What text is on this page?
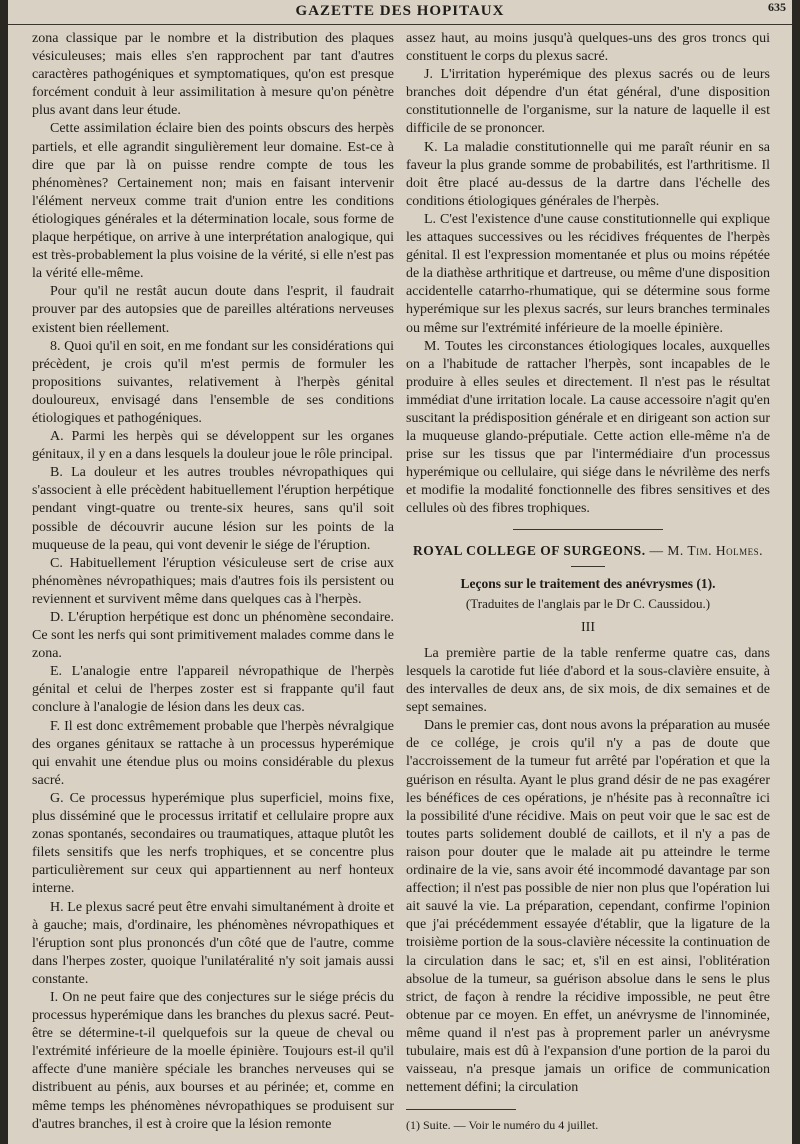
GAZETTE DES HOPITAUX	635

zona classique par le nombre et la distribution des plaques vésiculeuses; mais elles s'en rapprochent par tant d'autres caractères pathogéniques et symptomatiques, qu'on est presque forcément conduit à leur assimilitation à mesure qu'on pénètre plus avant dans leur étude.

Cette assimilation éclaire bien des points obscurs des herpès partiels, et elle agrandit singulièrement leur domaine. Est-ce à dire que par là on puisse rendre compte de tous les phénomènes? Certainement non; mais en faisant intervenir l'élément nerveux comme trait d'union entre les conditions étiologiques générales et la détermination locale, sous forme de plaque herpétique, on arrive à une interprétation analogique, qui est très-probablement la plus voisine de la vérité, si elle n'est pas la vérité elle-même.

Pour qu'il ne restât aucun doute dans l'esprit, il faudrait prouver par des autopsies que de pareilles altérations nerveuses existent bien réellement.

8. Quoi qu'il en soit, en me fondant sur les considérations qui précèdent, je crois qu'il m'est permis de formuler les propositions suivantes, relativement à l'herpès génital douloureux, envisagé dans l'ensemble de ses conditions étiologiques et pathogéniques.

A. Parmi les herpès qui se développent sur les organes génitaux, il y en a dans lesquels la douleur joue le rôle principal.

B. La douleur et les autres troubles névropathiques qui s'associent à elle précèdent habituellement l'éruption herpétique pendant vingt-quatre ou trente-six heures, sans qu'il soit possible de découvrir aucune lésion sur les points de la muqueuse de la peau, qui vont devenir le siége de l'éruption.

C. Habituellement l'éruption vésiculeuse sert de crise aux phénomènes névropathiques; mais d'autres fois ils persistent ou reviennent et survivent même dans quelques cas à l'herpès.

D. L'éruption herpétique est donc un phénomène secondaire. Ce sont les nerfs qui sont primitivement malades comme dans le zona.

E. L'analogie entre l'appareil névropathique de l'herpès génital et celui de l'herpes zoster est si frappante qu'il faut conclure à l'analogie de lésion dans les deux cas.

F. Il est donc extrêmement probable que l'herpès névralgique des organes génitaux se rattache à un processus hyperémique qui envahit une étendue plus ou moins considérable du plexus sacré.

G. Ce processus hyperémique plus superficiel, moins fixe, plus disséminé que le processus irritatif et cellulaire propre aux zonas spontanés, secondaires ou traumatiques, attaque plutôt les filets sensitifs que les nerfs trophiques, et se concentre plus particulièrement sur ceux qui appartiennent au nerf honteux interne.

H. Le plexus sacré peut être envahi simultanément à droite et à gauche; mais, d'ordinaire, les phénomènes névropathiques et l'éruption sont plus prononcés d'un côté que de l'autre, comme dans l'herpes zoster, quoique l'unilatéralité n'y soit jamais aussi constante.

I. On ne peut faire que des conjectures sur le siége précis du processus hyperémique dans les branches du plexus sacré. Peut-être se détermine-t-il quelquefois sur la queue de cheval ou l'extrémité inférieure de la moelle épinière. Toujours est-il qu'il affecte d'une manière spéciale les branches nerveuses qui se distribuent au pénis, aux bourses et au périnée; et, comme en même temps les phénomènes névropathiques se produisent sur d'autres branches, il est à croire que la lésion remonte

assez haut, au moins jusqu'à quelques-uns des gros troncs qui constituent le corps du plexus sacré.

J. L'irritation hyperémique des plexus sacrés ou de leurs branches doit dépendre d'un état général, d'une disposition constitutionnelle de l'organisme, sur la nature de laquelle il est difficile de se prononcer.

K. La maladie constitutionnelle qui me paraît réunir en sa faveur la plus grande somme de probabilités, est l'arthritisme. Il doit être placé au-dessus de la dartre dans l'échelle des conditions étiologiques générales de l'herpès.

L. C'est l'existence d'une cause constitutionnelle qui explique les attaques successives ou les récidives fréquentes de l'herpès génital. Il est l'expression momentanée et plus ou moins répétée de la diathèse arthritique et dartreuse, ou même d'une disposition accidentelle catarrho-rhumatique, qui se détermine sous forme hyperémique sur les plexus sacrés, sur leurs branches terminales ou même sur l'extrémité inférieure de la moelle épinière.

M. Toutes les circonstances étiologiques locales, auxquelles on a l'habitude de rattacher l'herpès, sont incapables de le produire à elles seules et directement. Il n'est pas le résultat immédiat d'une irritation locale. La cause accessoire n'agit qu'en suscitant la prédisposition générale et en dirigeant son action sur la muqueuse glando-préputiale. Cette action elle-même n'a de prise sur les tissus que par l'intermédiaire d'un processus hyperémique ou cellulaire, qui siége dans le névrilème des nerfs et modifie la modalité fonctionnelle des fibres sensitives et des cellules où des fibres trophiques.

ROYAL COLLEGE OF SURGEONS. — M. Tim. Holmes.
Leçons sur le traitement des anévrysmes (1).
(Traduites de l'anglais par le Dr C. Caussidou.)
III

La première partie de la table renferme quatre cas, dans lesquels la carotide fut liée d'abord et la sous-clavière ensuite, à des intervalles de deux ans, de six mois, de dix semaines et de sept semaines.

Dans le premier cas, dont nous avons la préparation au musée de ce collége, je crois qu'il n'y a pas de doute que l'accroissement de la tumeur fut arrêté par l'opération et que la guérison en résulta. Ayant le plus grand désir de ne pas exagérer les bénéfices de ces opérations, je n'hésite pas à reconnaître ici la possibilité d'une récidive. Mais on peut voir que le sac est de toutes parts solidement doublé de caillots, et il n'y a pas de raison pour douter que le malade ait pu atteindre le terme ordinaire de la vie, sans avoir été incommodé davantage par son affection; il n'est pas possible de nier non plus que l'opération lui ait sauvé la vie. La préparation, cependant, confirme l'opinion que j'ai précédemment essayée d'établir, que la ligature de la troisième portion de la sous-clavière nécessite la continuation de la circulation dans le sac; et, s'il en est ainsi, l'oblitération absolue de la tumeur, sa guérison absolue dans le sens le plus strict, de façon à rendre la récidive impossible, ne peut être obtenue par ce moyen. En effet, un anévrysme de l'innominée, même quand il n'est pas à proprement parler un anévrysme tubulaire, mais est dû à l'expansion d'une portion de la paroi du vaisseau, n'a presque jamais un orifice de communication nettement défini; la circulation

(1) Suite. — Voir le numéro du 4 juillet.
